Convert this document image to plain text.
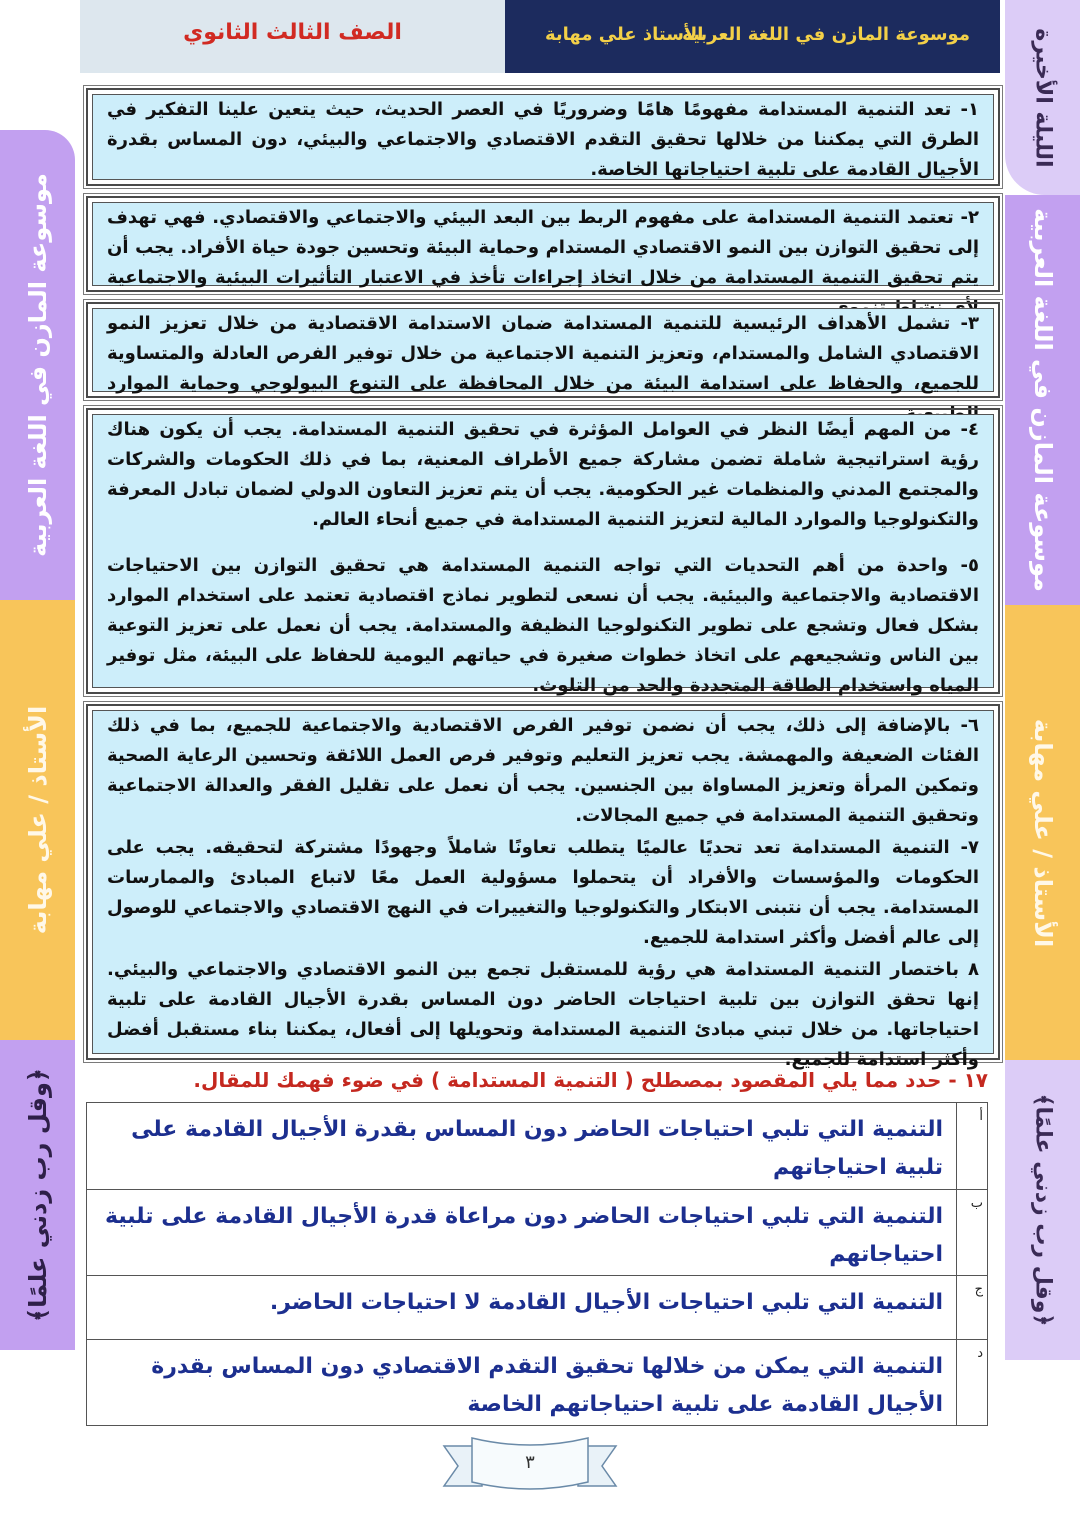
الصف الثالث الثانوي	موسوعة المازن في اللغة العربية
الأستاذ علي مهابة	الليلة الأخيرة
موسوعة المازن في اللغة العربية
الأستاذ / علي مهابة
﴿وقل رب زدني علمًا﴾
موسوعة المازن في اللغة العربية
الأستاذ / علي مهابة
﴿وقل رب زدني علمًا﴾
١- تعد التنمية المستدامة مفهومًا هامًا وضروريًا في العصر الحديث، حيث يتعين علينا التفكير في الطرق التي يمكننا من خلالها تحقيق التقدم الاقتصادي والاجتماعي والبيئي، دون المساس بقدرة الأجيال القادمة على تلبية احتياجاتها الخاصة.
٢- تعتمد التنمية المستدامة على مفهوم الربط بين البعد البيئي والاجتماعي والاقتصادي. فهي تهدف إلى تحقيق التوازن بين النمو الاقتصادي المستدام وحماية البيئة وتحسين جودة حياة الأفراد. يجب أن يتم تحقيق التنمية المستدامة من خلال اتخاذ إجراءات تأخذ في الاعتبار التأثيرات البيئية والاجتماعية
٣- تشمل الأهداف الرئيسية للتنمية المستدامة ضمان الاستدامة الاقتصادية من خلال تعزيز النمو الاقتصادي الشامل والمستدام، وتعزيز التنمية الاجتماعية من خلال توفير الفرص العادلة والمتساوية للجميع، والحفاظ على استدامة البيئة من خلال المحافظة على التنوع البيولوجي وحماية الموارد
٤- من المهم أيضًا النظر في العوامل المؤثرة في تحقيق التنمية المستدامة. يجب أن يكون هناك رؤية استراتيجية شاملة تضمن مشاركة جميع الأطراف المعنية، بما في ذلك الحكومات والشركات والمجتمع المدني والمنظمات غير الحكومية. يجب أن يتم تعزيز التعاون الدولي لضمان تبادل المعرفة والتكنولوجيا والموارد المالية لتعزيز التنمية المستدامة في جميع أنحاء العالم.
٥- واحدة من أهم التحديات التي تواجه التنمية المستدامة هي تحقيق التوازن بين الاحتياجات الاقتصادية والاجتماعية والبيئية. يجب أن نسعى لتطوير نماذج اقتصادية تعتمد على استخدام الموارد بشكل فعال وتشجع على تطوير التكنولوجيا النظيفة والمستدامة. يجب أن نعمل على تعزيز التوعية بين الناس وتشجيعهم على اتخاذ خطوات صغيرة في حياتهم اليومية للحفاظ على البيئة، مثل توفير المياه واستخدام الطاقة المتجددة والحد من التلوث.
٦- بالإضافة إلى ذلك، يجب أن نضمن توفير الفرص الاقتصادية والاجتماعية للجميع، بما في ذلك الفئات الضعيفة والمهمشة. يجب تعزيز التعليم وتوفير فرص العمل اللائقة وتحسين الرعاية الصحية وتمكين المرأة وتعزيز المساواة بين الجنسين. يجب أن نعمل على تقليل الفقر والعدالة الاجتماعية وتحقيق التنمية المستدامة في جميع المجالات.
٧- التنمية المستدامة تعد تحديًا عالميًا يتطلب تعاونًا شاملاً وجهودًا مشتركة لتحقيقه. يجب على الحكومات والمؤسسات والأفراد أن يتحملوا مسؤولية العمل معًا لاتباع المبادئ والممارسات المستدامة. يجب أن نتبنى الابتكار والتكنولوجيا والتغييرات في النهج الاقتصادي والاجتماعي للوصول إلى عالم أفضل وأكثر استدامة للجميع.
٨ باختصار التنمية المستدامة هي رؤية للمستقبل تجمع بين النمو الاقتصادي والاجتماعي والبيئي. إنها تحقق التوازن بين تلبية احتياجات الحاضر دون المساس بقدرة الأجيال القادمة على تلبية احتياجاتها. من خلال تبني مبادئ التنمية المستدامة وتحويلها إلى أفعال، يمكننا بناء مستقبل أفضل وأكثر استدامة للجميع.
١٧ - حدد مما يلي المقصود بمصطلح ( التنمية المستدامة ) في ضوء فهمك للمقال.
أ
التنمية التي تلبي احتياجات الحاضر دون المساس بقدرة الأجيال القادمة على تلبية احتياجاتهم
ب
التنمية التي تلبي احتياجات الحاضر دون مراعاة قدرة الأجيال القادمة على تلبية احتياجاتهم
ج
التنمية التي تلبي احتياجات الأجيال القادمة لا احتياجات الحاضر.
د
التنمية التي يمكن من خلالها تحقيق التقدم الاقتصادي دون المساس بقدرة الأجيال القادمة على تلبية احتياجاتهم الخاصة
٣
